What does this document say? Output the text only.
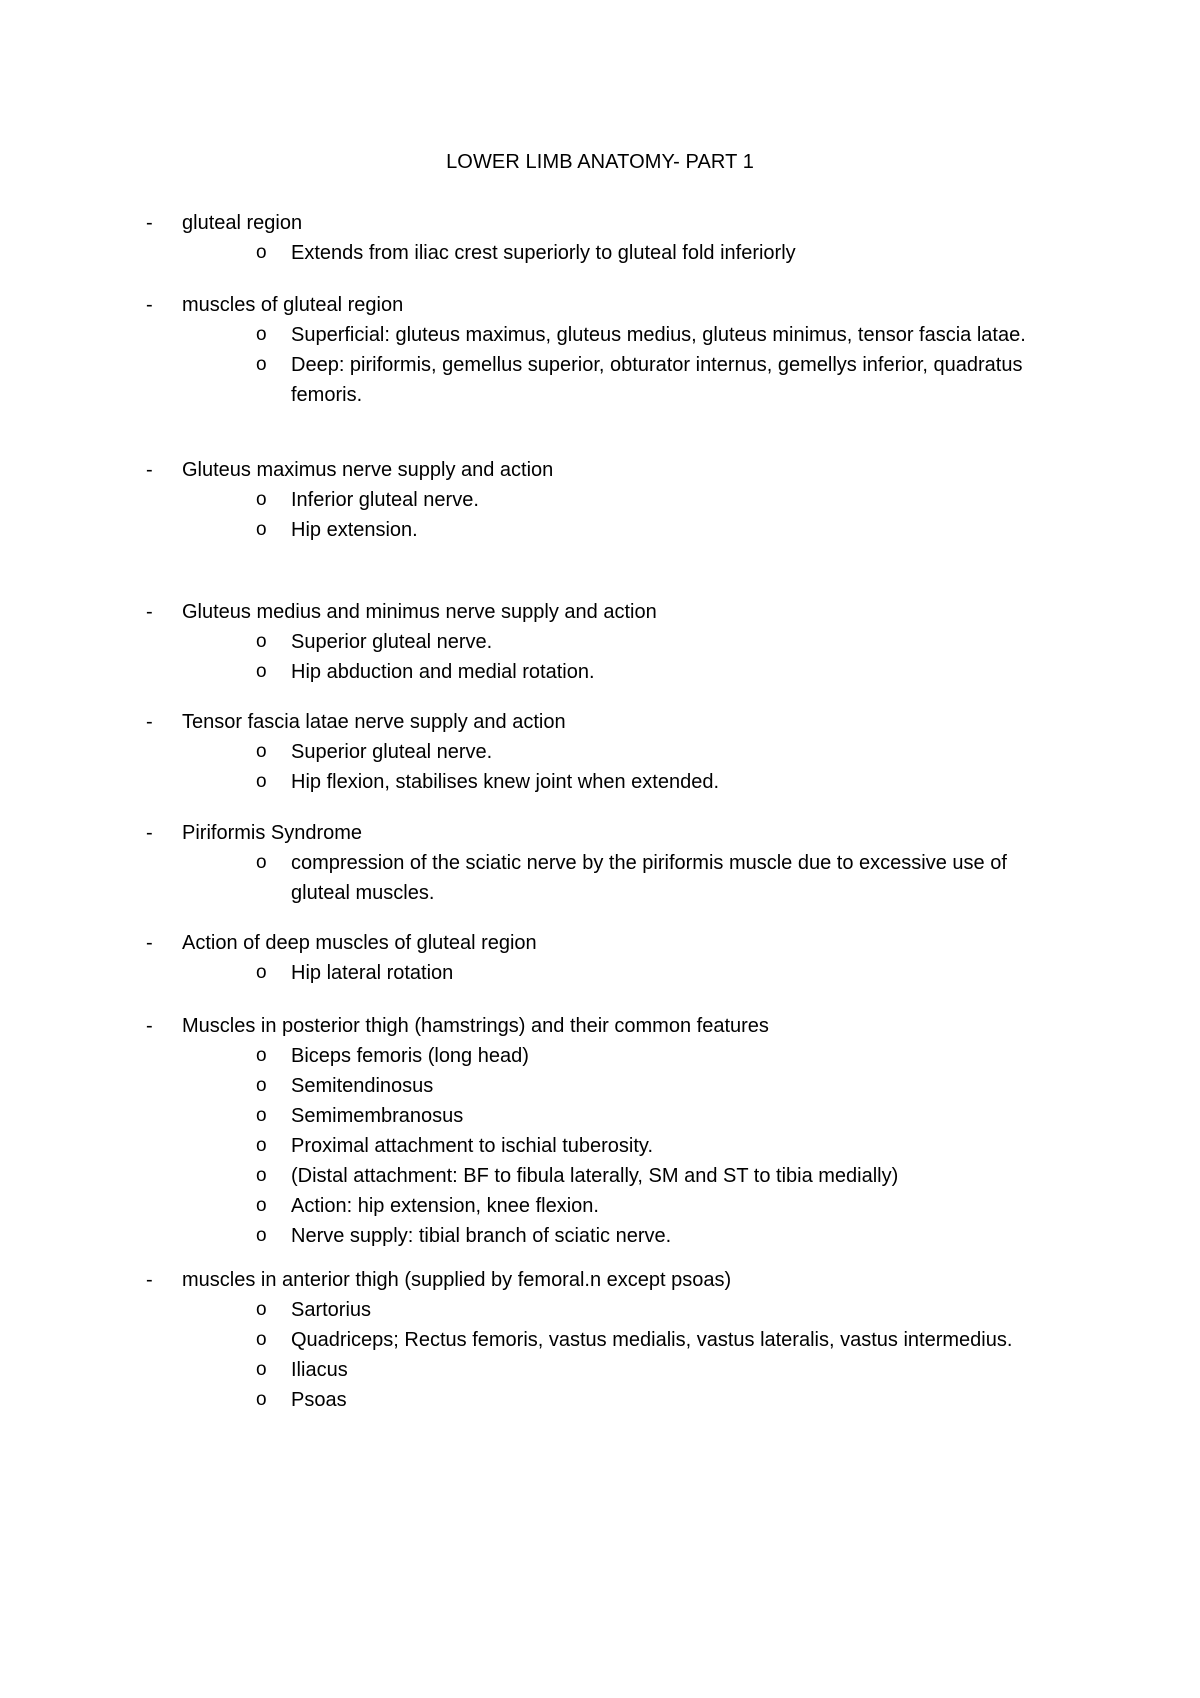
LOWER LIMB ANATOMY- PART 1
- gluteal region
o Extends from iliac crest superiorly to gluteal fold inferiorly
- muscles of gluteal region
o Superficial: gluteus maximus, gluteus medius, gluteus minimus, tensor fascia latae.
o Deep: piriformis, gemellus superior, obturator internus, gemellys inferior, quadratus femoris.
- Gluteus maximus nerve supply and action
o Inferior gluteal nerve.
o Hip extension.
- Gluteus medius and minimus nerve supply and action
o Superior gluteal nerve.
o Hip abduction and medial rotation.
- Tensor fascia latae nerve supply and action
o Superior gluteal nerve.
o Hip flexion, stabilises knew joint when extended.
- Piriformis Syndrome
o compression of the sciatic nerve by the piriformis muscle due to excessive use of gluteal muscles.
- Action of deep muscles of gluteal region
o Hip lateral rotation
- Muscles in posterior thigh (hamstrings) and their common features
o Biceps femoris (long head)
o Semitendinosus
o Semimembranosus
o Proximal attachment to ischial tuberosity.
o (Distal attachment: BF to fibula laterally, SM and ST to tibia medially)
o Action: hip extension, knee flexion.
o Nerve supply: tibial branch of sciatic nerve.
- muscles in anterior thigh (supplied by femoral.n except psoas)
o Sartorius
o Quadriceps; Rectus femoris, vastus medialis, vastus lateralis, vastus intermedius.
o Iliacus
o Psoas
